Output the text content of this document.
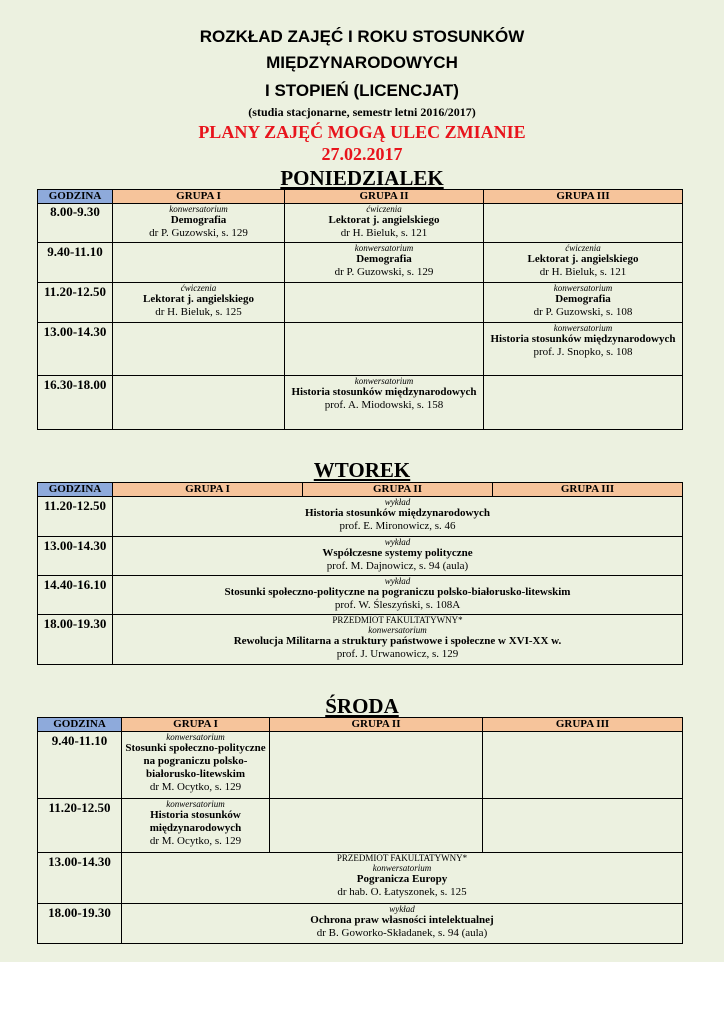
ROZKŁAD ZAJĘĆ I ROKU STOSUNKÓW
MIĘDZYNARODOWYCH
I STOPIEŃ (LICENCJAT)
(studia stacjonarne, semestr letni 2016/2017)
PLANY ZAJĘĆ MOGĄ ULEC ZMIANIE
27.02.2017
PONIEDZIALEK
GODZINA	GRUPA I	GRUPA II	GRUPA III
8.00-9.30	konwersatorium
Demografia
dr P. Guzowski, s. 129	ćwiczenia
Lektorat j. angielskiego
dr H. Bieluk, s. 121	

9.40-11.10		konwersatorium
Demografia
dr P. Guzowski, s. 129	ćwiczenia
Lektorat j. angielskiego
dr H. Bieluk, s. 121

11.20-12.50	ćwiczenia
Lektorat j. angielskiego
dr H. Bieluk, s. 125		konwersatorium
Demografia
dr P. Guzowski, s. 108

13.00-14.30			konwersatorium
Historia stosunków międzynarodowych
prof. J. Snopko, s. 108

16.30-18.00		konwersatorium
Historia stosunków międzynarodowych
prof. A. Miodowski, s. 158	

WTOREK
GODZINA	GRUPA I	GRUPA II	GRUPA III
11.20-12.50	wykład
Historia stosunków międzynarodowych
prof. E. Mironowicz, s. 46		

13.00-14.30	wykład
Współczesne systemy polityczne
prof. M. Dajnowicz, s. 94 (aula)		

14.40-16.10	wykład
Stosunki społeczno-polityczne na pograniczu polsko-białorusko-litewskim
prof. W. Śleszyński, s. 108A		

18.00-19.30	PRZEDMIOT FAKULTATYWNY*
konwersatorium
Rewolucja Militarna a struktury państwowe i społeczne w XVI-XX w.
prof. J. Urwanowicz, s. 129		
ŚRODA
GODZINA	GRUPA I	GRUPA II	GRUPA III
9.40-11.10	konwersatorium
Stosunki społeczno-polityczne na pograniczu polsko-białorusko-litewskim
dr M. Ocytko, s. 129		

11.20-12.50	konwersatorium
Historia stosunków międzynarodowych
dr M. Ocytko, s. 129		

13.00-14.30	PRZEDMIOT FAKULTATYWNY*
konwersatorium
Pogranicza Europy
dr hab. O. Łatyszonek, s. 125		

18.00-19.30	wykład
Ochrona praw własności intelektualnej
dr B. Goworko-Składanek, s. 94 (aula)		
